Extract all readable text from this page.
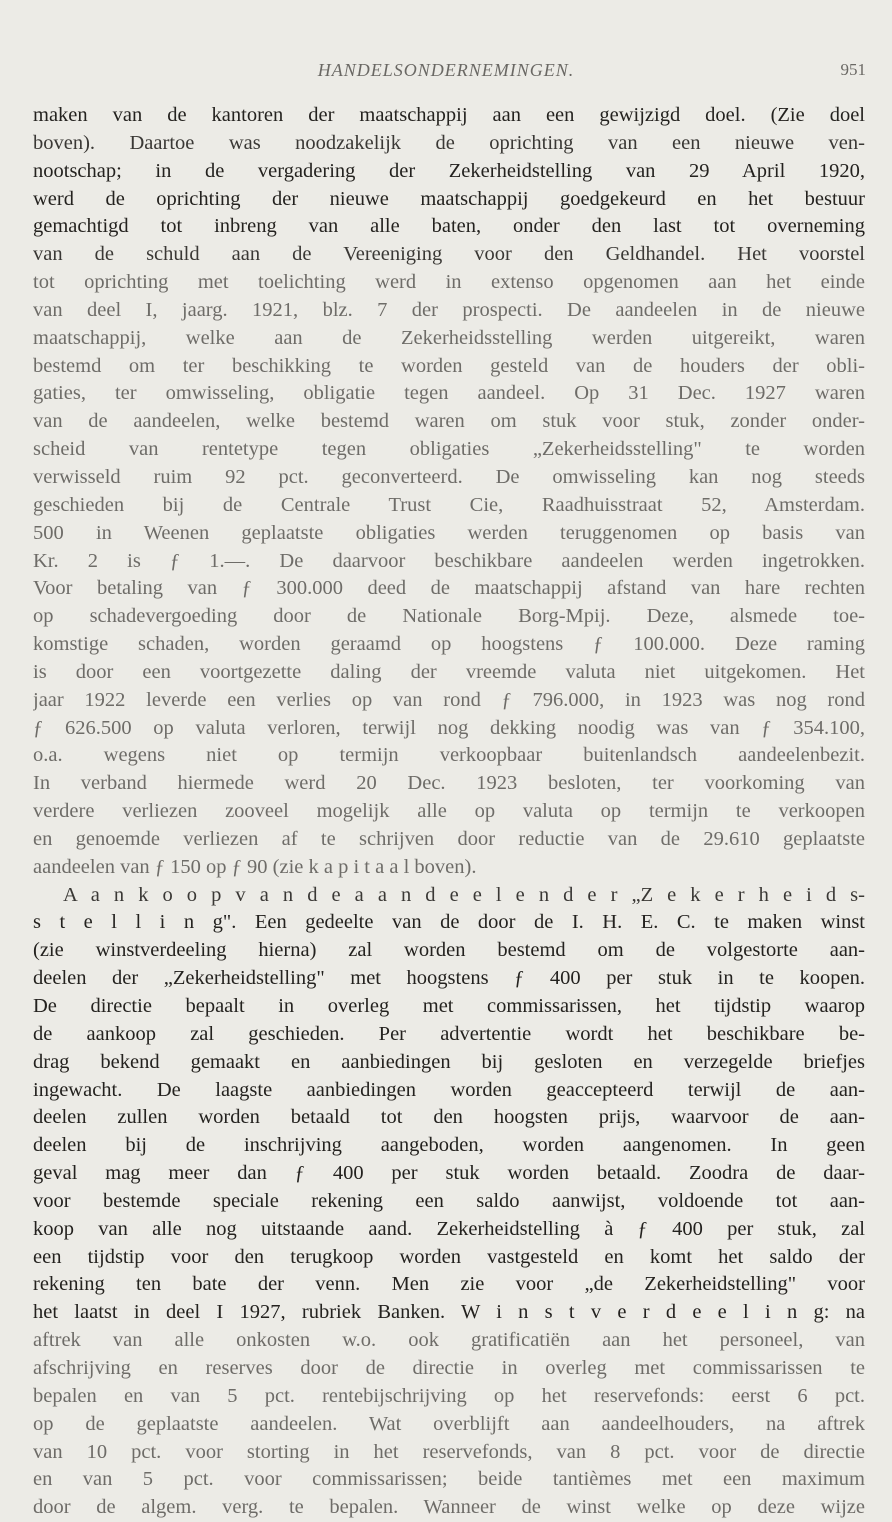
HANDELSONDERNEMINGEN.	951
maken van de kantoren der maatschappij aan een gewijzigd doel. (Zie doel
boven). Daartoe was noodzakelijk de oprichting van een nieuwe ven-
nootschap; in de vergadering der Zekerheidstelling van 29 April 1920,
werd de oprichting der nieuwe maatschappij goedgekeurd en het bestuur
gemachtigd tot inbreng van alle baten, onder den last tot overneming
van de schuld aan de Vereeniging voor den Geldhandel. Het voorstel
tot oprichting met toelichting werd in extenso opgenomen aan het einde
van deel I, jaarg. 1921, blz. 7 der prospecti. De aandeelen in de nieuwe
maatschappij, welke aan de Zekerheidsstelling werden uitgereikt, waren
bestemd om ter beschikking te worden gesteld van de houders der obli-
gaties, ter omwisseling, obligatie tegen aandeel. Op 31 Dec. 1927 waren
van de aandeelen, welke bestemd waren om stuk voor stuk, zonder onder-
scheid van rentetype tegen obligaties „Zekerheidsstelling" te worden
verwisseld ruim 92 pct. geconverteerd. De omwisseling kan nog steeds
geschieden bij de Centrale Trust Cie, Raadhuisstraat 52, Amsterdam.
500 in Weenen geplaatste obligaties werden teruggenomen op basis van
Kr. 2 is ƒ 1.—. De daarvoor beschikbare aandeelen werden ingetrokken.
Voor betaling van ƒ 300.000 deed de maatschappij afstand van hare rechten
op schadevergoeding door de Nationale Borg-Mpij. Deze, alsmede toe-
komstige schaden, worden geraamd op hoogstens ƒ 100.000. Deze raming
is door een voortgezette daling der vreemde valuta niet uitgekomen. Het
jaar 1922 leverde een verlies op van rond ƒ 796.000, in 1923 was nog rond
ƒ 626.500 op valuta verloren, terwijl nog dekking noodig was van ƒ 354.100,
o.a. wegens niet op termijn verkoopbaar buitenlandsch aandeelenbezit.
In verband hiermede werd 20 Dec. 1923 besloten, ter voorkoming van
verdere verliezen zooveel mogelijk alle op valuta op termijn te verkoopen
en genoemde verliezen af te schrijven door reductie van de 29.610 geplaatste
aandeelen van ƒ 150 op ƒ 90 (zie k a p i t a a l boven).
A a n k o o p v a n d e a a n d e e l e n d e r „Z e k e r h e i d s-
s t e l l i n g". Een gedeelte van de door de I. H. E. C. te maken winst
(zie winstverdeeling hierna) zal worden bestemd om de volgestorte aan-
deelen der „Zekerheidstelling" met hoogstens ƒ 400 per stuk in te koopen.
De directie bepaalt in overleg met commissarissen, het tijdstip waarop
de aankoop zal geschieden. Per advertentie wordt het beschikbare be-
drag bekend gemaakt en aanbiedingen bij gesloten en verzegelde briefjes
ingewacht. De laagste aanbiedingen worden geaccepteerd terwijl de aan-
deelen zullen worden betaald tot den hoogsten prijs, waarvoor de aan-
deelen bij de inschrijving aangeboden, worden aangenomen. In geen
geval mag meer dan ƒ 400 per stuk worden betaald. Zoodra de daar-
voor bestemde speciale rekening een saldo aanwijst, voldoende tot aan-
koop van alle nog uitstaande aand. Zekerheidstelling à ƒ 400 per stuk, zal
een tijdstip voor den terugkoop worden vastgesteld en komt het saldo der
rekening ten bate der venn. Men zie voor „de Zekerheidstelling" voor
het laatst in deel I 1927, rubriek Banken. W i n s t v e r d e e l i n g: na
aftrek van alle onkosten w.o. ook gratificatiën aan het personeel, van
afschrijving en reserves door de directie in overleg met commissarissen te
bepalen en van 5 pct. rentebijschrijving op het reservefonds: eerst 6 pct.
op de geplaatste aandeelen. Wat overblijft aan aandeelhouders, na aftrek
van 10 pct. voor storting in het reservefonds, van 8 pct. voor de directie
en van 5 pct. voor commissarissen; beide tantièmes met een maximum
door de algem. verg. te bepalen. Wanneer de winst welke op deze wijze
